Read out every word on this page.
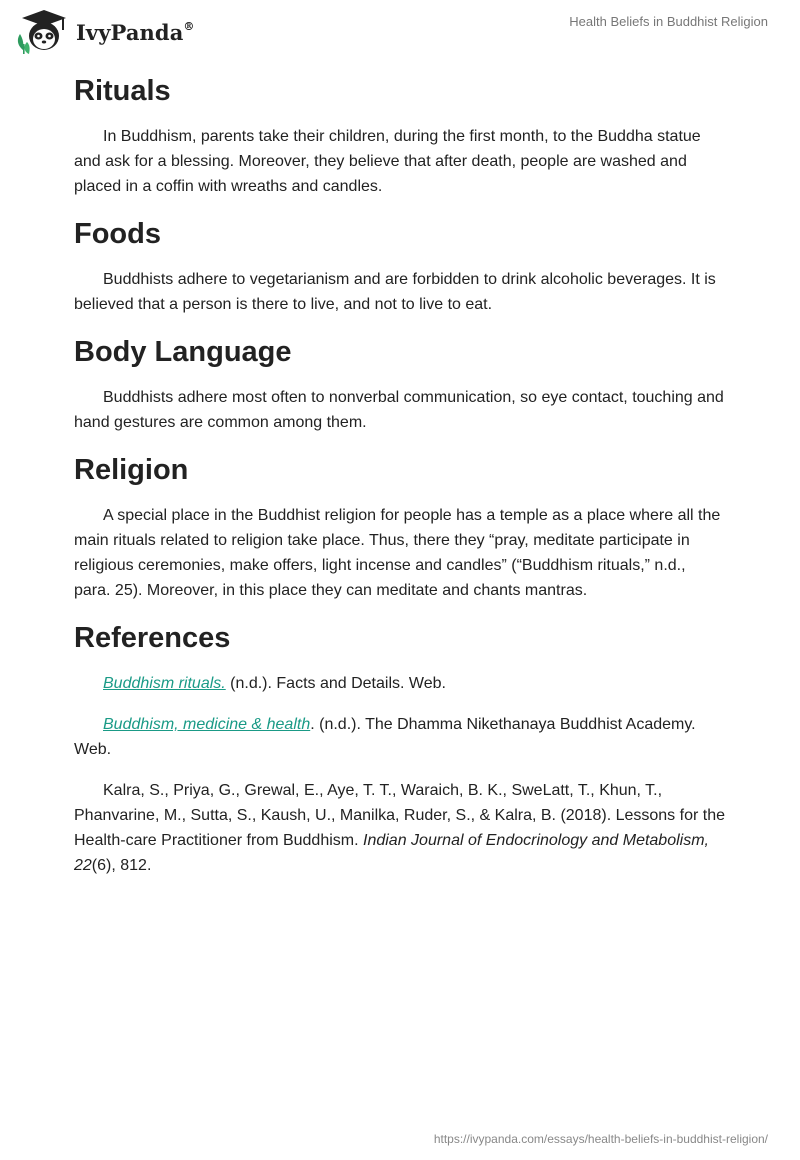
IvyPanda®	Health Beliefs in Buddhist Religion
Rituals

In Buddhism, parents take their children, during the first month, to the Buddha statue and ask for a blessing. Moreover, they believe that after death, people are washed and placed in a coffin with wreaths and candles.

Foods

Buddhists adhere to vegetarianism and are forbidden to drink alcoholic beverages. It is believed that a person is there to live, and not to live to eat.

Body Language

Buddhists adhere most often to nonverbal communication, so eye contact, touching and hand gestures are common among them.

Religion

A special place in the Buddhist religion for people has a temple as a place where all the main rituals related to religion take place. Thus, there they “pray, meditate participate in religious ceremonies, make offers, light incense and candles” (“Buddhism rituals,” n.d., para. 25). Moreover, in this place they can meditate and chants mantras.

References

Buddhism rituals. (n.d.). Facts and Details. Web.

Buddhism, medicine & health. (n.d.). The Dhamma Nikethanaya Buddhist Academy. Web.

Kalra, S., Priya, G., Grewal, E., Aye, T. T., Waraich, B. K., SweLatt, T., Khun, T., Phanvarine, M., Sutta, S., Kaush, U., Manilka, Ruder, S., & Kalra, B. (2018). Lessons for the Health-care Practitioner from Buddhism. Indian Journal of Endocrinology and Metabolism, 22(6), 812.

https://ivypanda.com/essays/health-beliefs-in-buddhist-religion/
